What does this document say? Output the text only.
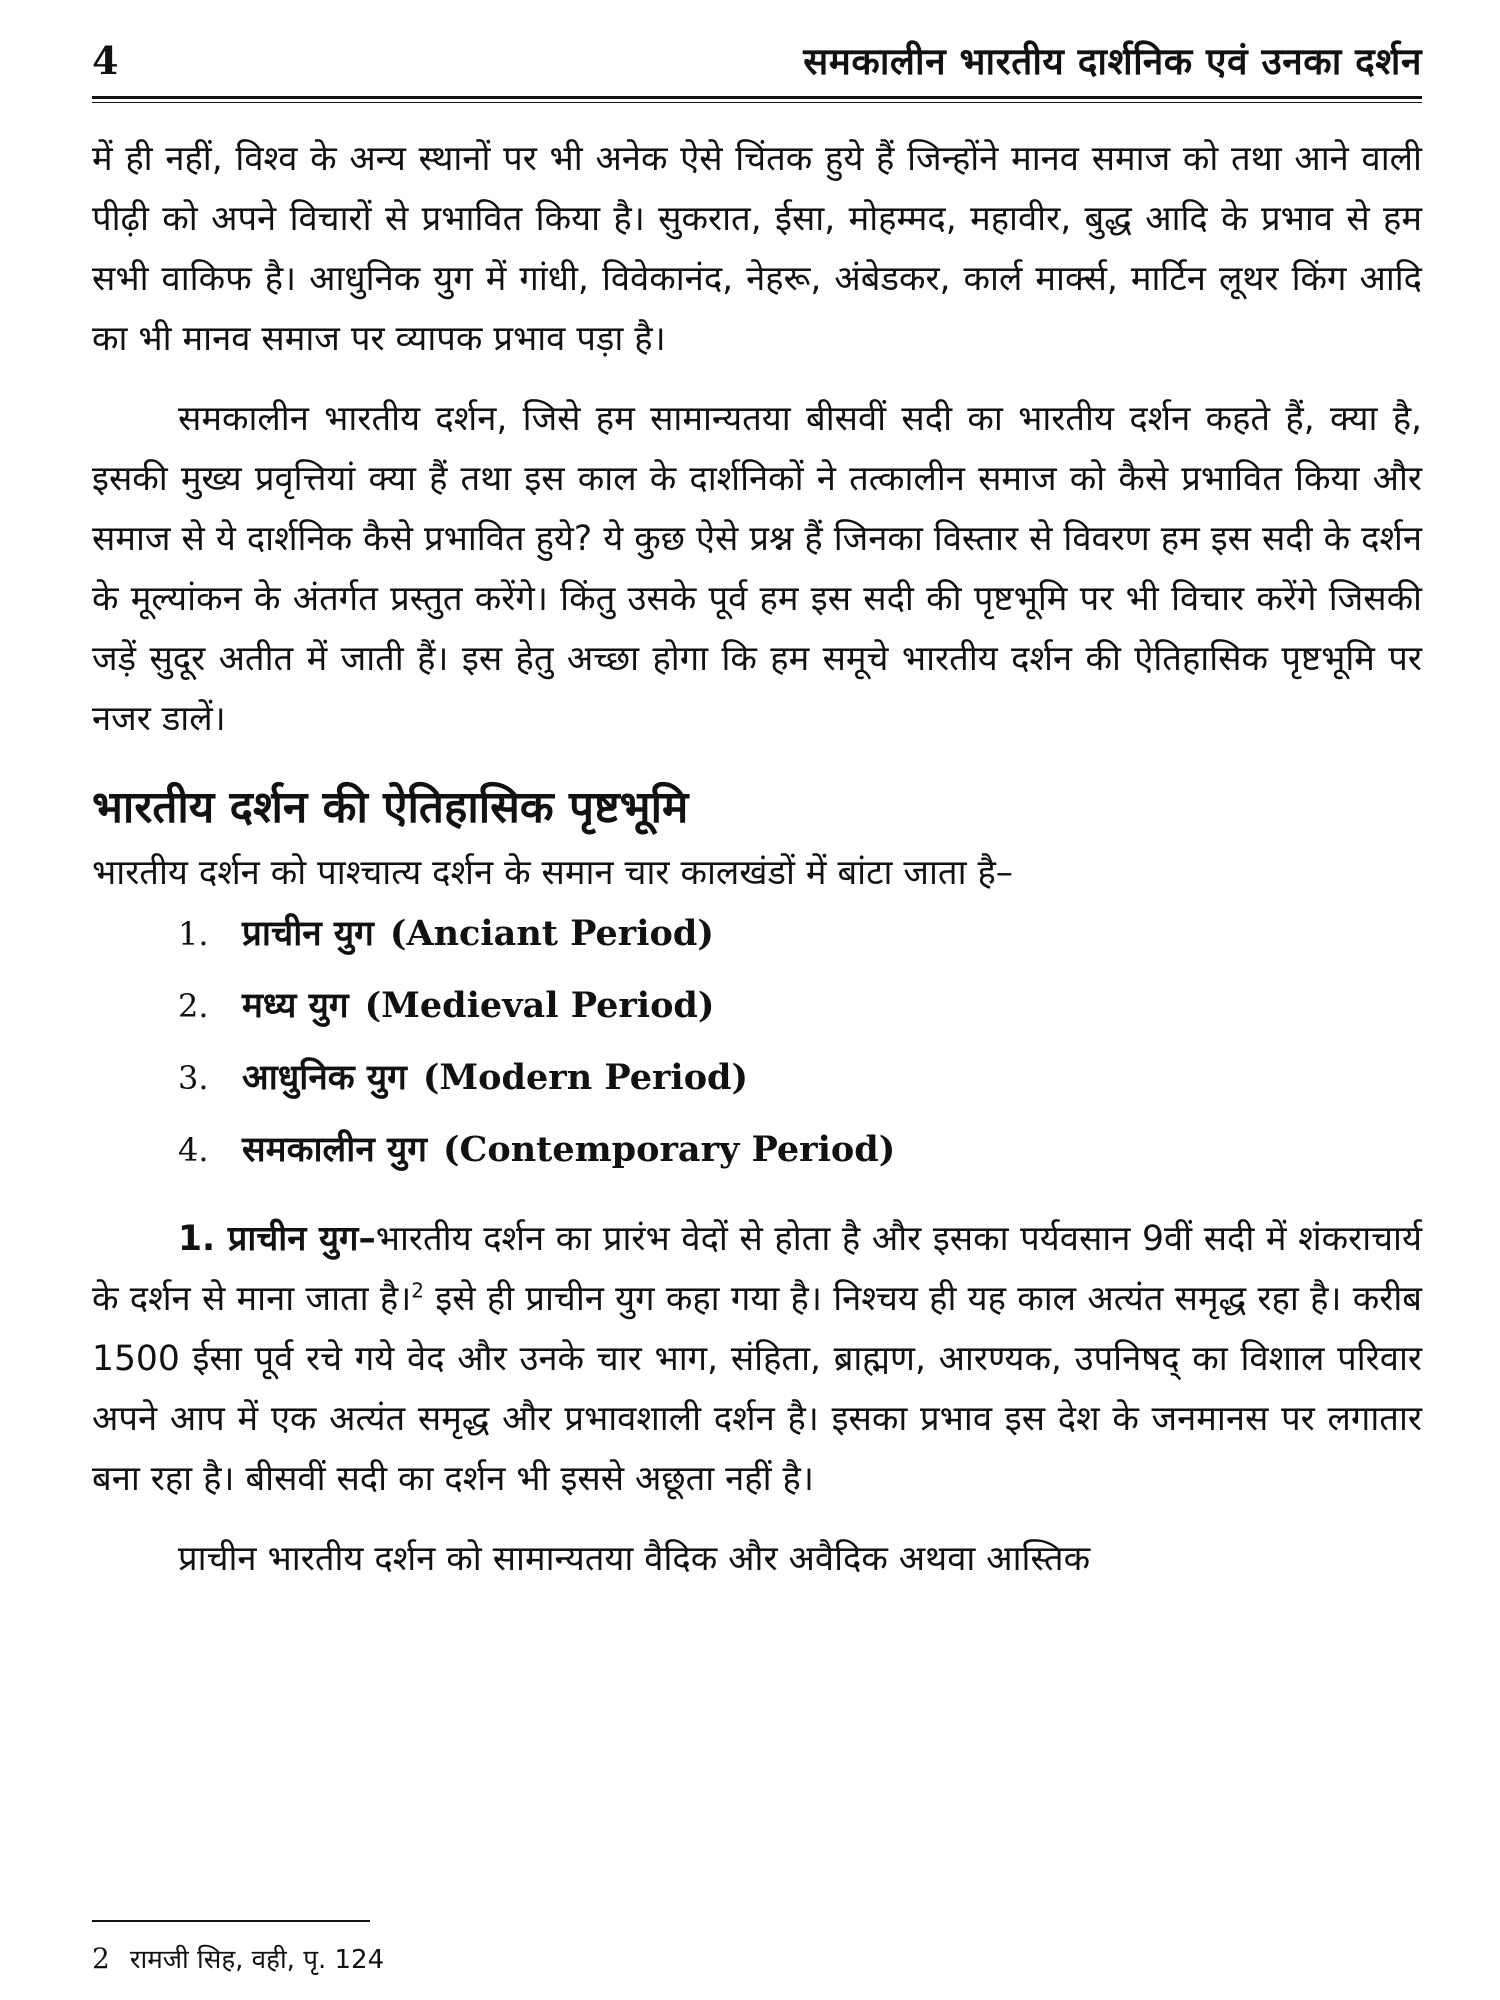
4	समकालीन भारतीय दार्शनिक एवं उनका दर्शन

में ही नहीं, विश्व के अन्य स्थानों पर भी अनेक ऐसे चिंतक हुये हैं जिन्होंने मानव समाज को तथा आने वाली पीढ़ी को अपने विचारों से प्रभावित किया है। सुकरात, ईसा, मोहम्मद, महावीर, बुद्ध आदि के प्रभाव से हम सभी वाकिफ है। आधुनिक युग में गांधी, विवेकानंद, नेहरू, अंबेडकर, कार्ल मार्क्स, मार्टिन लूथर किंग आदि का भी मानव समाज पर व्यापक प्रभाव पड़ा है।

समकालीन भारतीय दर्शन, जिसे हम सामान्यतया बीसवीं सदी का भारतीय दर्शन कहते हैं, क्या है, इसकी मुख्य प्रवृत्तियां क्या हैं तथा इस काल के दार्शनिकों ने तत्कालीन समाज को कैसे प्रभावित किया और समाज से ये दार्शनिक कैसे प्रभावित हुये? ये कुछ ऐसे प्रश्न हैं जिनका विस्तार से विवरण हम इस सदी के दर्शन के मूल्यांकन के अंतर्गत प्रस्तुत करेंगे। किंतु उसके पूर्व हम इस सदी की पृष्टभूमि पर भी विचार करेंगे जिसकी जड़ें सुदूर अतीत में जाती हैं। इस हेतु अच्छा होगा कि हम समूचे भारतीय दर्शन की ऐतिहासिक पृष्टभूमि पर नजर डालें।

भारतीय दर्शन की ऐतिहासिक पृष्टभूमि

भारतीय दर्शन को पाश्चात्य दर्शन के समान चार कालखंडों में बांटा जाता है–

1. प्राचीन युग (Anciant Period)
2. मध्य युग (Medieval Period)
3. आधुनिक युग (Modern Period)
4. समकालीन युग (Contemporary Period)

1. प्राचीन युग–भारतीय दर्शन का प्रारंभ वेदों से होता है और इसका पर्यवसान 9वीं सदी में शंकराचार्य के दर्शन से माना जाता है।$^2$ इसे ही प्राचीन युग कहा गया है। निश्चय ही यह काल अत्यंत समृद्ध रहा है। करीब 1500 ईसा पूर्व रचे गये वेद और उनके चार भाग, संहिता, ब्राह्मण, आरण्यक, उपनिषद् का विशाल परिवार अपने आप में एक अत्यंत समृद्ध और प्रभावशाली दर्शन है। इसका प्रभाव इस देश के जनमानस पर लगातार बना रहा है। बीसवीं सदी का दर्शन भी इससे अछूता नहीं है।

प्राचीन भारतीय दर्शन को सामान्यतया वैदिक और अवैदिक अथवा आस्तिक

2 रामजी सिह, वही, पृ. 124
